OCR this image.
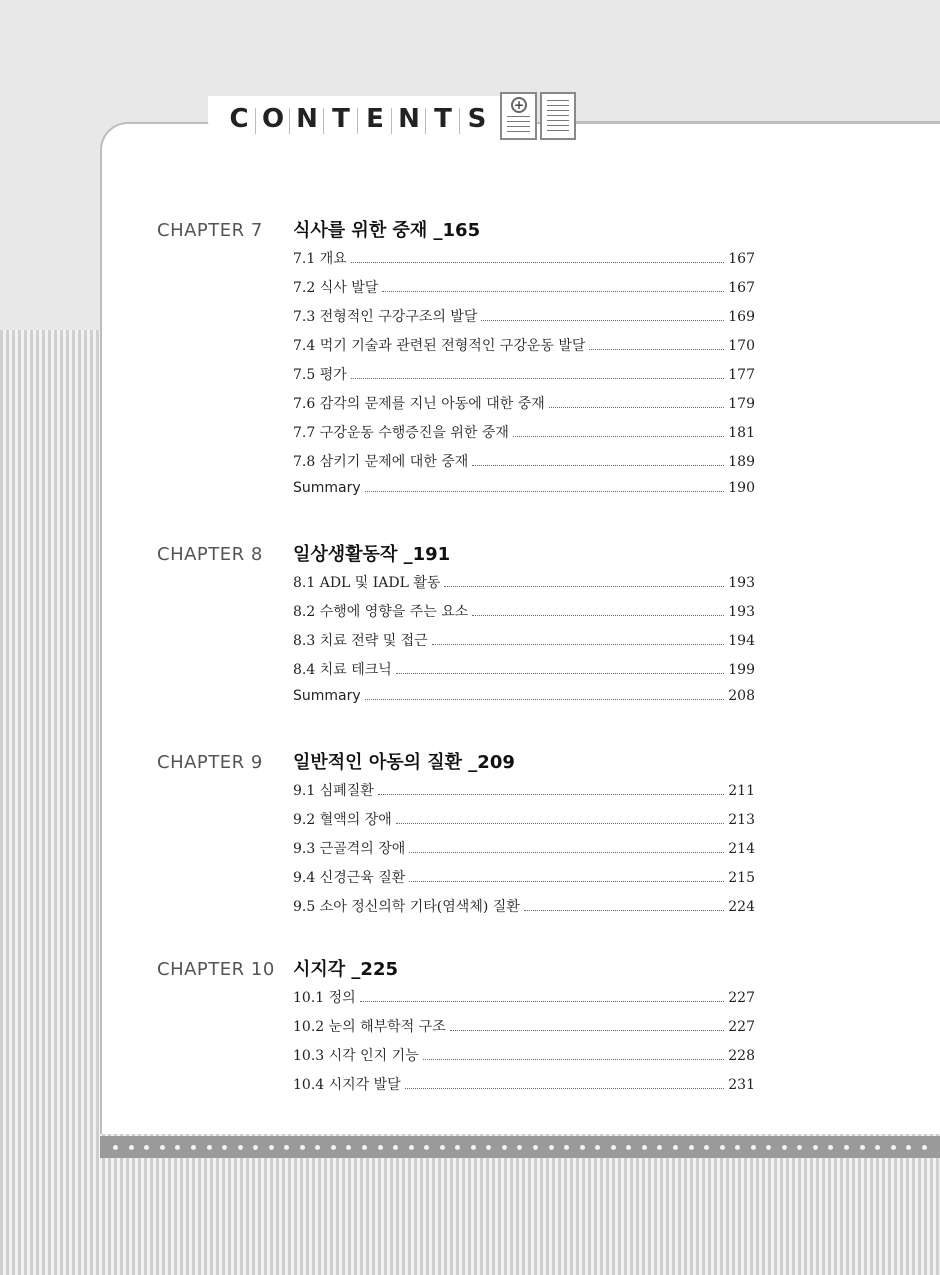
C O N T E N T S	+
CHAPTER 7	식사를 위한 중재 _165
7.1 개요	167
7.2 식사 발달	167
7.3 전형적인 구강구조의 발달	169
7.4 먹기 기술과 관련된 전형적인 구강운동 발달	170
7.5 평가	177
7.6 감각의 문제를 지닌 아동에 대한 중재	179
7.7 구강운동 수행증진을 위한 중재	181
7.8 삼키기 문제에 대한 중재	189
Summary	190
CHAPTER 8	일상생활동작 _191
8.1 ADL 및 IADL 활동	193
8.2 수행에 영향을 주는 요소	193
8.3 치료 전략 및 접근	194
8.4 치료 테크닉	199
Summary	208
CHAPTER 9	일반적인 아동의 질환 _209
9.1 심폐질환	211
9.2 혈액의 장애	213
9.3 근골격의 장애	214
9.4 신경근육 질환	215
9.5 소아 정신의학 기타(염색체) 질환	224
CHAPTER 10	시지각 _225
10.1 정의	227
10.2 눈의 해부학적 구조	227
10.3 시각 인지 기능	228
10.4 시지각 발달	231
